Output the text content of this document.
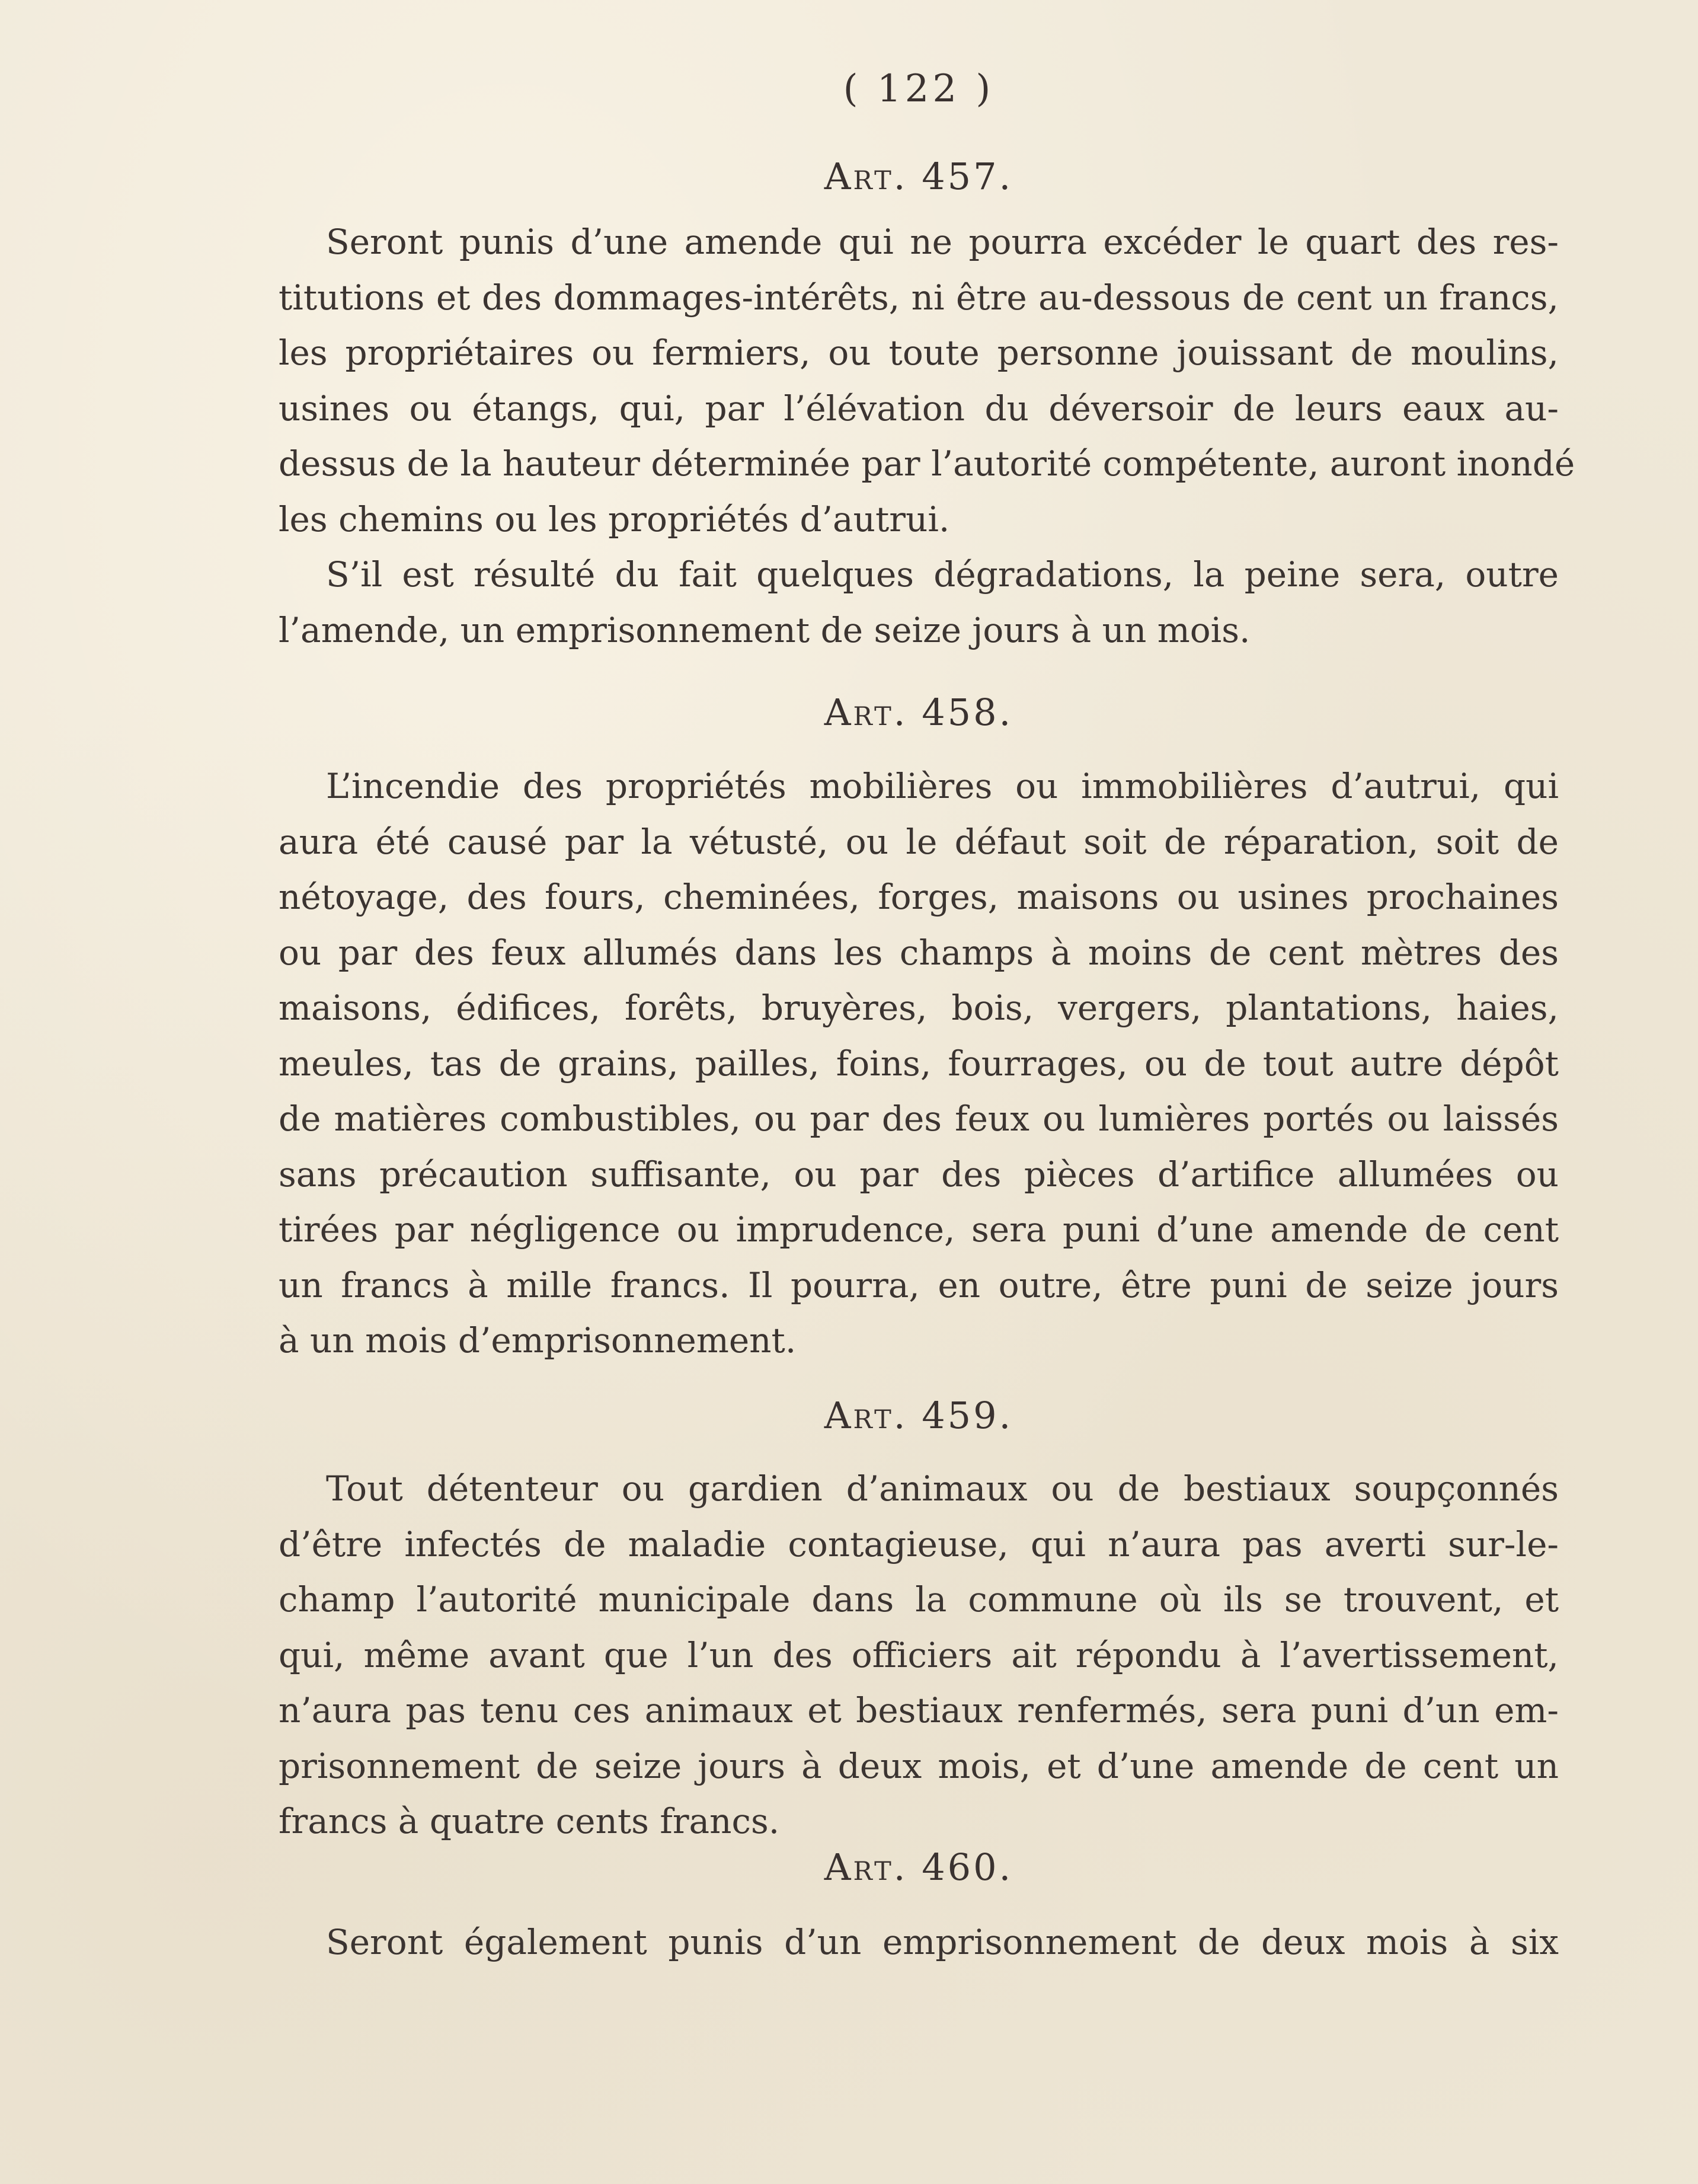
( 122 )
Art. 457.
Seront punis d’une amende qui ne pourra excéder le quart des res-
titutions et des dommages-intérêts, ni être au-dessous de cent un francs,
les propriétaires ou fermiers, ou toute personne jouissant de moulins,
usines ou étangs, qui, par l’élévation du déversoir de leurs eaux au-
dessus de la hauteur déterminée par l’autorité compétente, auront inondé
les chemins ou les propriétés d’autrui.
S’il est résulté du fait quelques dégradations, la peine sera, outre
l’amende, un emprisonnement de seize jours à un mois.
Art. 458.
L’incendie des propriétés mobilières ou immobilières d’autrui, qui
aura été causé par la vétusté, ou le défaut soit de réparation, soit de
nétoyage, des fours, cheminées, forges, maisons ou usines prochaines
ou par des feux allumés dans les champs à moins de cent mètres des
maisons, édifices, forêts, bruyères, bois, vergers, plantations, haies,
meules, tas de grains, pailles, foins, fourrages, ou de tout autre dépôt
de matières combustibles, ou par des feux ou lumières portés ou laissés
sans précaution suffisante, ou par des pièces d’artifice allumées ou
tirées par négligence ou imprudence, sera puni d’une amende de cent
un francs à mille francs. Il pourra, en outre, être puni de seize jours
à un mois d’emprisonnement.
Art. 459.
Tout détenteur ou gardien d’animaux ou de bestiaux soupçonnés
d’être infectés de maladie contagieuse, qui n’aura pas averti sur-le-
champ l’autorité municipale dans la commune où ils se trouvent, et
qui, même avant que l’un des officiers ait répondu à l’avertissement,
n’aura pas tenu ces animaux et bestiaux renfermés, sera puni d’un em-
prisonnement de seize jours à deux mois, et d’une amende de cent un
francs à quatre cents francs.
Art. 460.
Seront également punis d’un emprisonnement de deux mois à six
